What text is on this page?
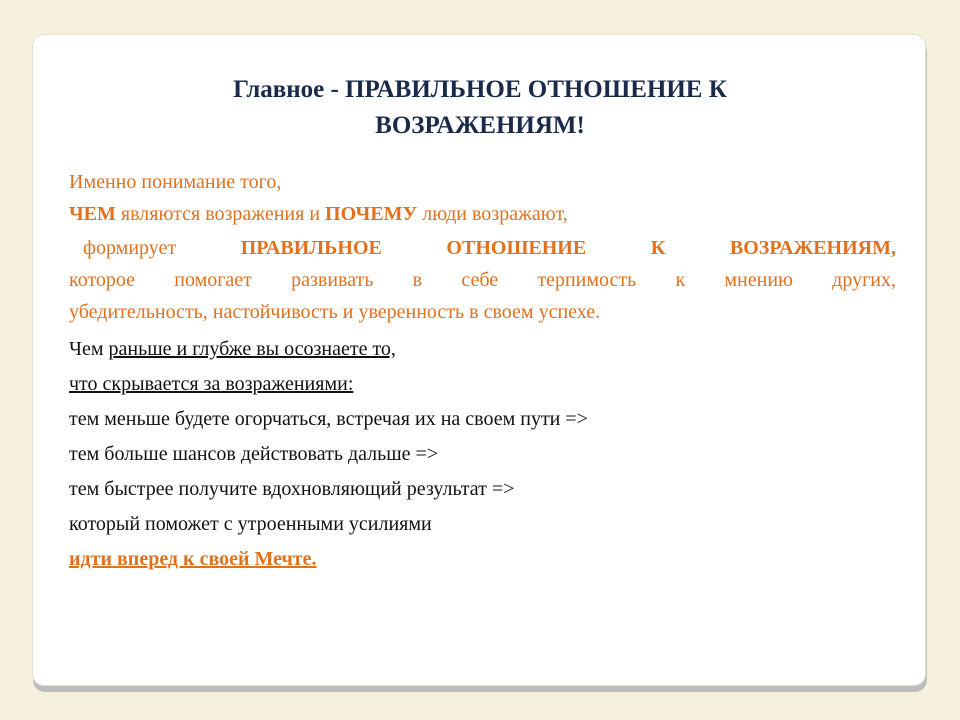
Главное - ПРАВИЛЬНОЕ ОТНОШЕНИЕ К
ВОЗРАЖЕНИЯМ!

Именно понимание того,

ЧЕМ являются возражения и ПОЧЕМУ люди возражают,

формирует ПРАВИЛЬНОЕ ОТНОШЕНИЕ К ВОЗРАЖЕНИЯМ,
которое помогает развивать в себе терпимость к мнению других,
убедительность, настойчивость и уверенность в своем успехе.

Чем раньше и глубже вы осознаете то,

что скрывается за возражениями:

тем меньше будете огорчаться, встречая их на своем пути =>

тем больше шансов действовать дальше =>

тем быстрее получите вдохновляющий результат =>

который поможет с утроенными усилиями

идти вперед к своей Мечте.
